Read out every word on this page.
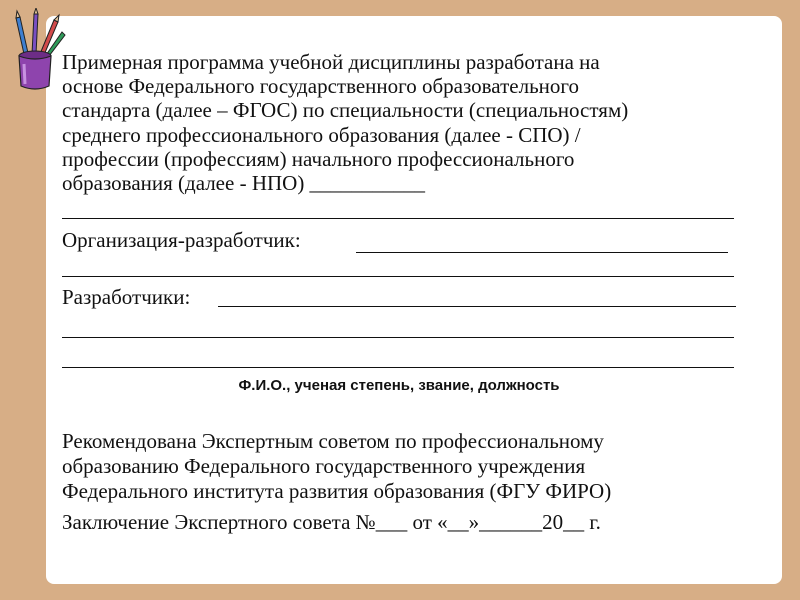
Примерная программа учебной дисциплины разработана на
основе Федерального государственного образовательного
стандарта (далее – ФГОС) по специальности (специальностям)
среднего профессионального образования (далее - СПО) /
профессии (профессиям) начального профессионального
образования (далее - НПО) ___________
Организация-разработчик:
Разработчики:
Ф.И.О., ученая степень, звание, должность
Рекомендована Экспертным советом по профессиональному
образованию Федерального государственного учреждения
Федерального института развития образования (ФГУ ФИРО)
Заключение Экспертного совета №___ от «__»______20__ г.
